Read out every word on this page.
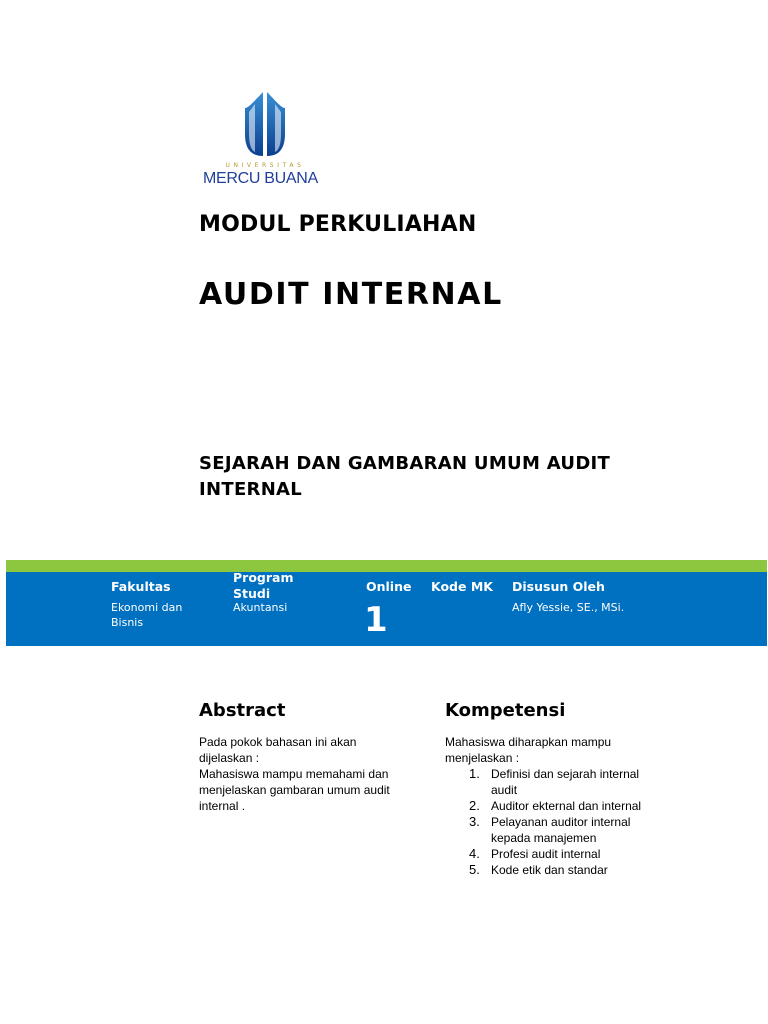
UNIVERSITAS
MERCU BUANA
MODUL PERKULIAHAN
AUDIT INTERNAL
SEJARAH DAN GAMBARAN UMUM AUDIT
INTERNAL
Fakultas
Ekonomi dan
Bisnis
Program
Studi
Akuntansi
Online
1
Kode MK Disusun Oleh
Afly Yessie, SE., MSi.
Abstract
Pada pokok bahasan ini akan
dijelaskan :
Mahasiswa mampu memahami dan
menjelaskan gambaran umum audit
internal .
Kompetensi
Mahasiswa diharapkan mampu
menjelaskan :
1. Definisi dan sejarah internal
audit
2. Auditor ekternal dan internal
3. Pelayanan auditor internal
kepada manajemen
4. Profesi audit internal
5. Kode etik dan standar
